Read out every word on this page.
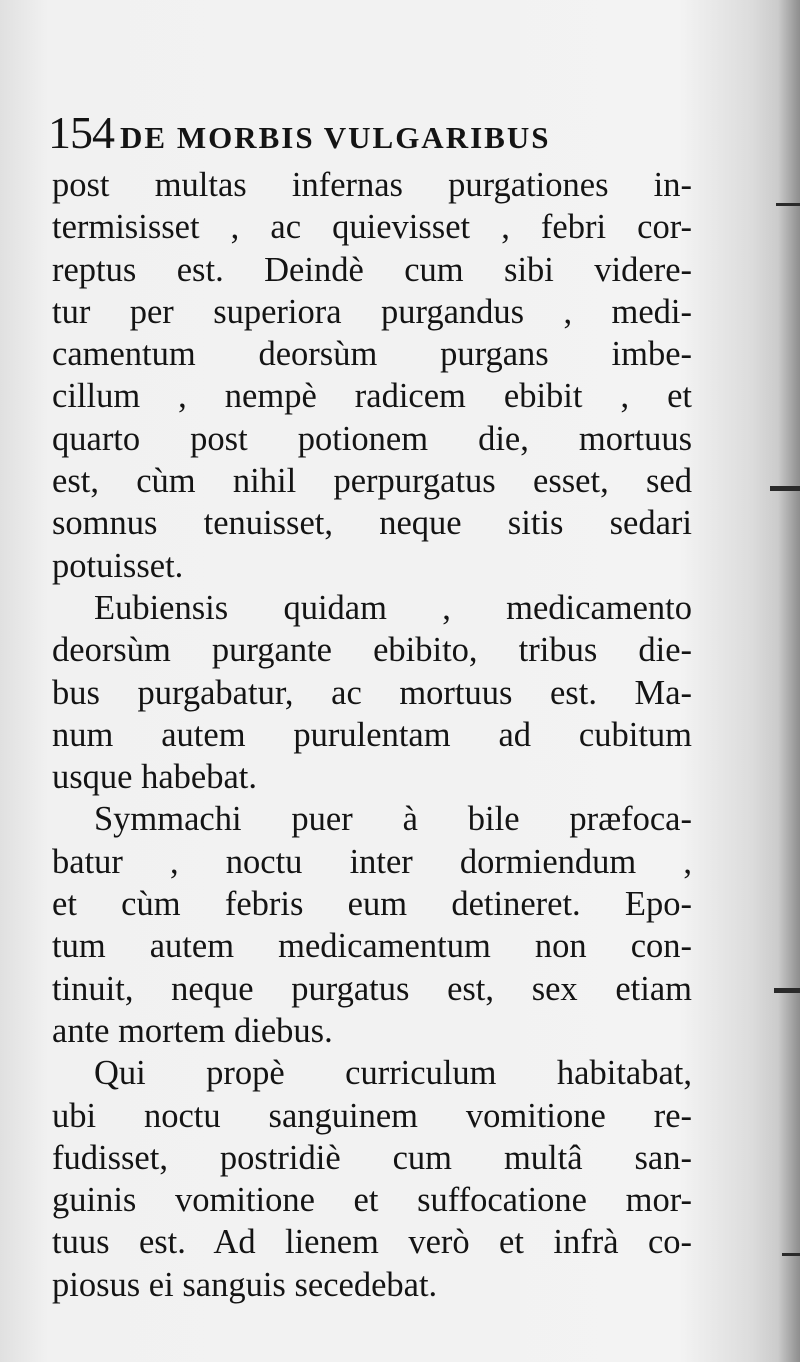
154 DE MORBIS VULGARIBUS
post multas infernas purgationes in-
termisisset , ac quievisset , febri cor-
reptus est. Deindè cum sibi videre-
tur per superiora purgandus , medi-
camentum deorsùm purgans imbe-
cillum , nempè radicem ebibit , et
quarto post potionem die, mortuus
est, cùm nihil perpurgatus esset, sed
somnus tenuisset, neque sitis sedari
potuisset.
Eubiensis quidam , medicamento
deorsùm purgante ebibito, tribus die-
bus purgabatur, ac mortuus est. Ma-
num autem purulentam ad cubitum
usque habebat.
Symmachi puer à bile præfoca-
batur , noctu inter dormiendum ,
et cùm febris eum detineret. Epo-
tum autem medicamentum non con-
tinuit, neque purgatus est, sex etiam
ante mortem diebus.
Qui propè curriculum habitabat,
ubi noctu sanguinem vomitione re-
fudisset, postridiè cum multâ san-
guinis vomitione et suffocatione mor-
tuus est. Ad lienem verò et infrà co-
piosus ei sanguis secedebat.
